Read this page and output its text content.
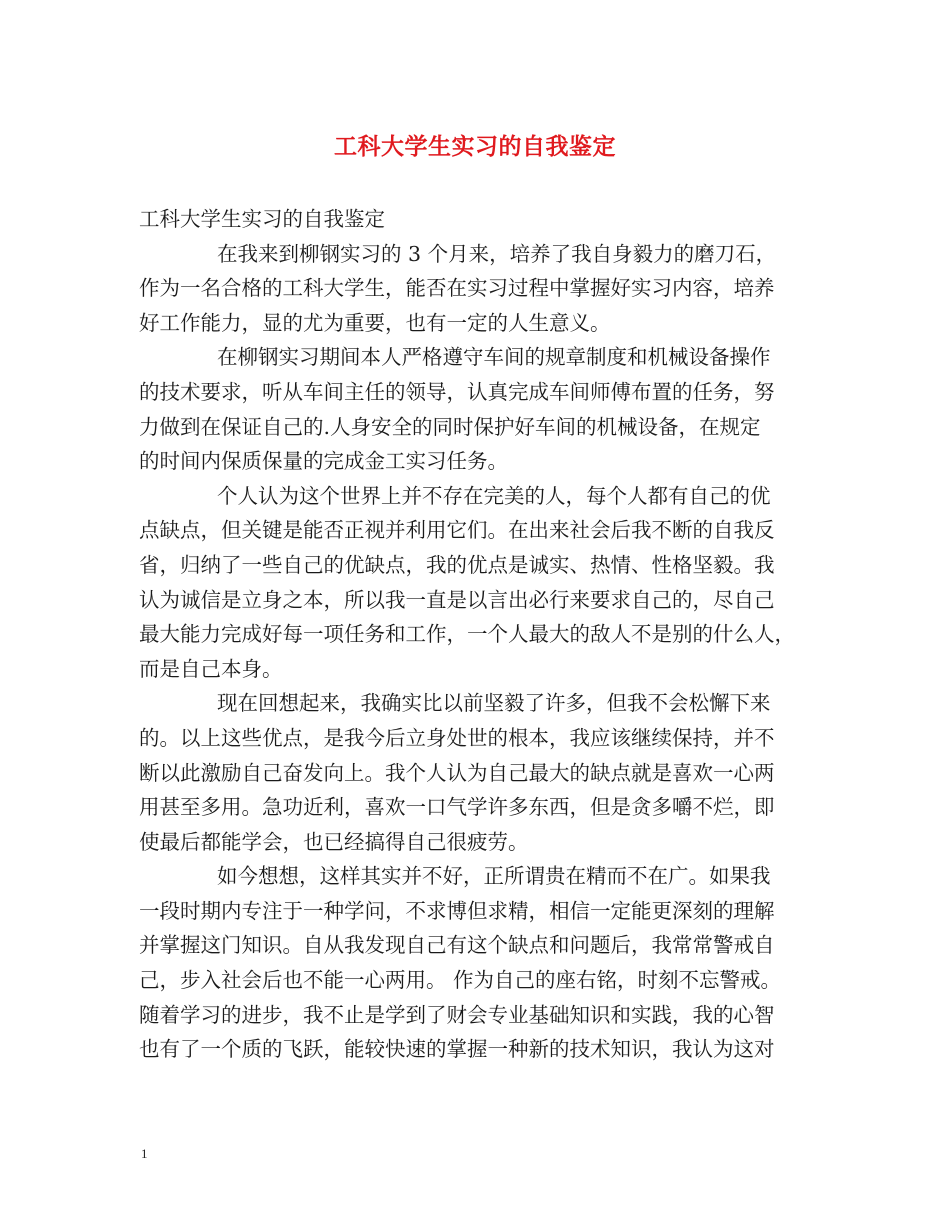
工科大学生实习的自我鉴定
工科大学生实习的自我鉴定
在我来到柳钢实习的 3 个月来，培养了我自身毅力的磨刀石，
作为一名合格的工科大学生，能否在实习过程中掌握好实习内容，培养
好工作能力，显的尤为重要，也有一定的人生意义。
在柳钢实习期间本人严格遵守车间的规章制度和机械设备操作
的技术要求，听从车间主任的领导，认真完成车间师傅布置的任务，努
力做到在保证自己的.人身安全的同时保护好车间的机械设备，在规定
的时间内保质保量的完成金工实习任务。
个人认为这个世界上并不存在完美的人，每个人都有自己的优
点缺点，但关键是能否正视并利用它们。在出来社会后我不断的自我反
省，归纳了一些自己的优缺点，我的优点是诚实、热情、性格坚毅。我
认为诚信是立身之本，所以我一直是以言出必行来要求自己的，尽自己
最大能力完成好每一项任务和工作，一个人最大的敌人不是别的什么人，
而是自己本身。
现在回想起来，我确实比以前坚毅了许多，但我不会松懈下来
的。以上这些优点，是我今后立身处世的根本，我应该继续保持，并不
断以此激励自己奋发向上。我个人认为自己最大的缺点就是喜欢一心两
用甚至多用。急功近利，喜欢一口气学许多东西，但是贪多嚼不烂，即
使最后都能学会，也已经搞得自己很疲劳。
如今想想，这样其实并不好，正所谓贵在精而不在广。如果我
一段时期内专注于一种学问，不求博但求精，相信一定能更深刻的理解
并掌握这门知识。自从我发现自己有这个缺点和问题后，我常常警戒自
己，步入社会后也不能一心两用。 作为自己的座右铭，时刻不忘警戒。
随着学习的进步，我不止是学到了财会专业基础知识和实践，我的心智
也有了一个质的飞跃，能较快速的掌握一种新的技术知识，我认为这对
1
